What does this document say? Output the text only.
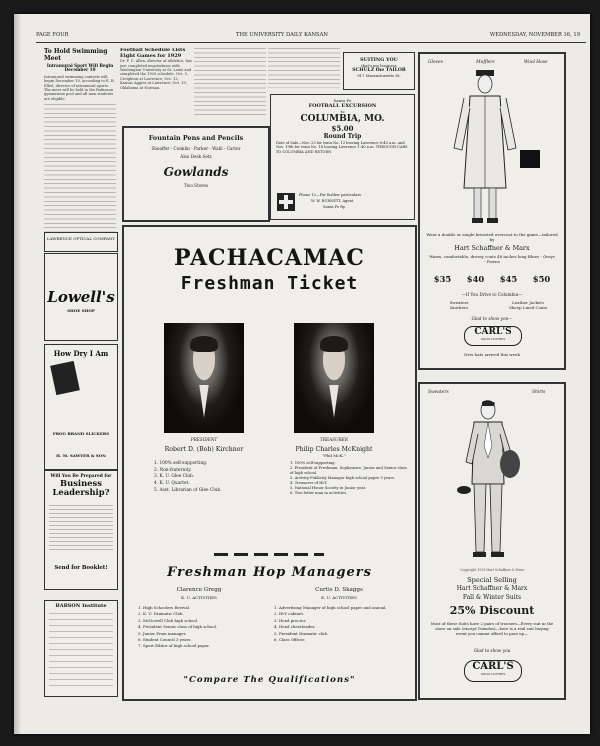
PAGE FOUR	THE UNIVERSITY DAILY KANSAN	WEDNESDAY, NOVEMBER 16, 19
To Hold Swimming Meet
Intramural Sport Will Begin December 10
Intramural swimming contests will begin December 10, according to E. R. Elbel, director of intramural sports. The meet will be held in the Robinson gymnasium pool and all men students are eligible.
LAWRENCE OPTICAL COMPANY
Lowell's
SHOE SHOP
How Dry I Am
FROG BRAND SLICKERS
H. M. SAWYER & SON
Will You Be Prepared for
Business Leadership?
Send for Booklet!
BABSON Institute
Football Schedule Lists Eight Games for 1929
Dr. F. C. Allen, director of athletics, has just completed negotiations with Washington University at St. Louis and completed the 1929 schedule. Oct. 5, Creighton at Lawrence; Oct. 12, Kansas Aggies at Lawrence; Oct. 19, Oklahoma at Norman.
SUITING YOU
that's my business
SCHULZ the TAILOR
917 Massachusetts St.
Santa Fe
FOOTBALL EXCURSION
to
COLUMBIA, MO.
$5.00
Round Trip
Date of Sale—Nov. 23 for train No. 12 leaving Lawrence 8:40 a.m. and Nov. 19th for train No. 18 leaving Lawrence 1:40 a.m. THROUGH CARS TO COLUMBIA AND RETURN
Phone 12—For further particulars
W. W. BURNETT, Agent
Santa Fe Ry.
Fountain Pens and Pencils
Sheaffer - Conklin - Parker - Wahl - Carter
Also Desk Sets
Gowlands
Two Stores
PACHACAMAC
Freshman Ticket
PRESIDENT
Robert D. (Bob) Kirchner
1. 100% self-supporting.
2. Non-fraternity.
3. K. U. Glee Club.
4. K. U. Quartet.
5. Asst. Librarian of Glee Club.
TREASURER
Philip Charles McKnight
"Phil McK."
1. 100% self-supporting.
2. President of Freshman, Sophomore, Junior and Senior class of high school.
3. Activity-Publicity Manager high school paper 3 years.
4. Treasurer of Hi-Y.
5. National Honor Society in Junior year.
6. Two-letter man in activities.
Freshman Hop Managers
Clarence Gregg
K. U. ACTIVITIES
1. High Schoolers Revival.
2. K. U. Dramatic Club.
3. McDowell Club high school.
4. President Senior class of high school.
5. Junior Prom manager.
6. Student Council 3 years.
7. Sport Editor of high school paper.
Curtis D. Skaggs
K. U. ACTIVITIES
1. Advertising Manager of high school paper and annual.
2. Hi-Y cabinet.
3. Head proctor.
4. Head cheerleader.
5. President Dramatic club.
6. Class Officer.
"Compare The Qualifications"
Gloves	Mufflers	Wool Hose
Wear a double or single breasted overcoat to the game—tailored by
Hart Schaffner & Marx
Warm, comfortable, dressy coats 48 inches long Blues - Greys - Fawns
$35 $40 $45 $50
—If You Drive to Columbia—
Sweaters
Knickers
Leather Jackets
Sheep Lined Coats
Glad to show you—
CARL'S
GOOD CLOTHES
New hats arrived this week
Sweaters	Shirts
Copyright 1928 Hart Schaffner & Marx
Special Selling
Hart Schaffner & Marx
Fall & Winter Suits
25% Discount
Most of these Suits have 2 pairs of trousers—Every suit in the store on sale (except Tuxedos)—here is a real suit buying event you cannot afford to pass up—
Glad to show you
CARL'S
GOOD CLOTHES
